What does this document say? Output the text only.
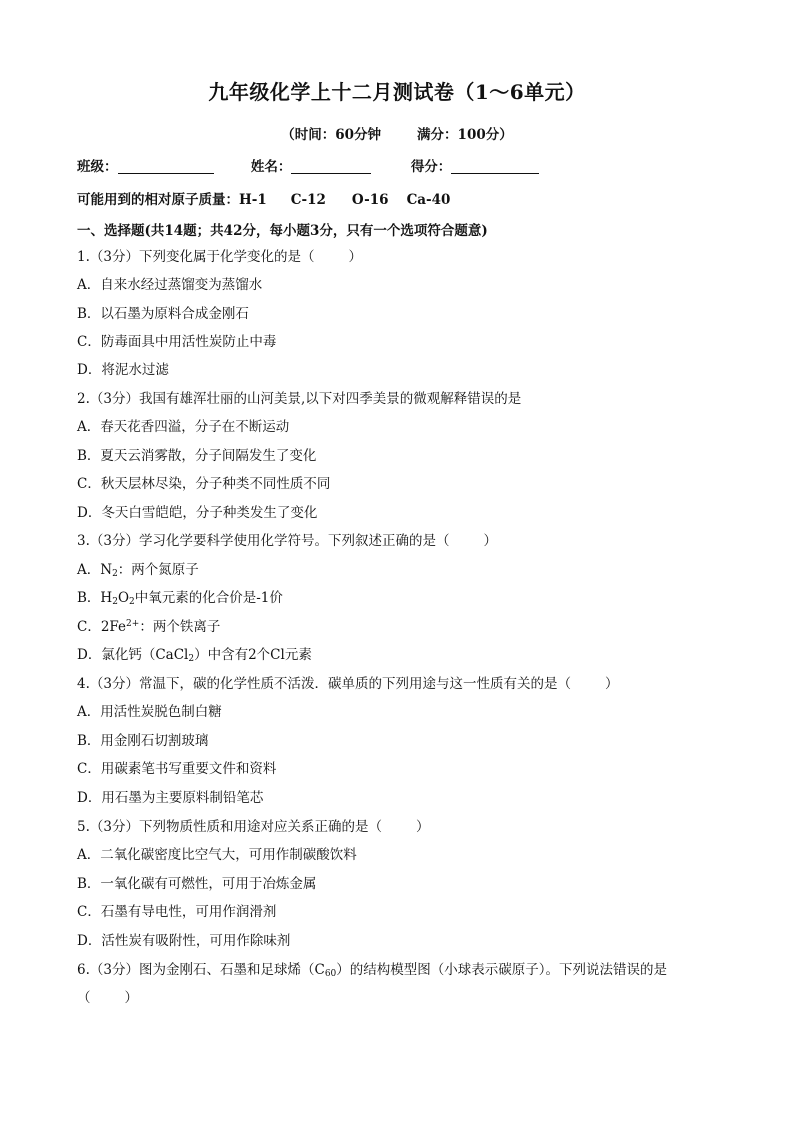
九年级化学上十二月测试卷（1～6单元）
（时间：60分钟	满分：100分）
班级：	姓名：	得分：
可能用到的相对原子质量：H-1 C-12 O-16 Ca-40
一、选择题(共14题；共42分，每小题3分，只有一个选项符合题意)
1.（3分）下列变化属于化学变化的是（	）
A．自来水经过蒸馏变为蒸馏水
B．以石墨为原料合成金刚石
C．防毒面具中用活性炭防止中毒
D．将泥水过滤
2.（3分）我国有雄浑壮丽的山河美景,以下对四季美景的微观解释错误的是
A．春天花香四溢，分子在不断运动
B．夏天云消雾散，分子间隔发生了变化
C．秋天层林尽染，分子种类不同性质不同
D．冬天白雪皑皑，分子种类发生了变化
3.（3分）学习化学要科学使用化学符号。下列叙述正确的是（	）
A．$N_2$：两个氮原子
B．$H_2O_2$中氧元素的化合价是-1价
C．$2Fe^{2+}$：两个铁离子
D．氯化钙（CaCl$_2$）中含有2个Cl元素
4.（3分）常温下，碳的化学性质不活泼．碳单质的下列用途与这一性质有关的是（	）
A．用活性炭脱色制白糖
B．用金刚石切割玻璃
C．用碳素笔书写重要文件和资料
D．用石墨为主要原料制铅笔芯
5.（3分）下列物质性质和用途对应关系正确的是（	）
A．二氧化碳密度比空气大，可用作制碳酸饮料
B．一氧化碳有可燃性，可用于冶炼金属
C．石墨有导电性，可用作润滑剂
D．活性炭有吸附性，可用作除味剂
6.（3分）图为金刚石、石墨和足球烯$(C_{60})$的结构模型图（小球表示碳原子）。下列说法错误的是
（	）
